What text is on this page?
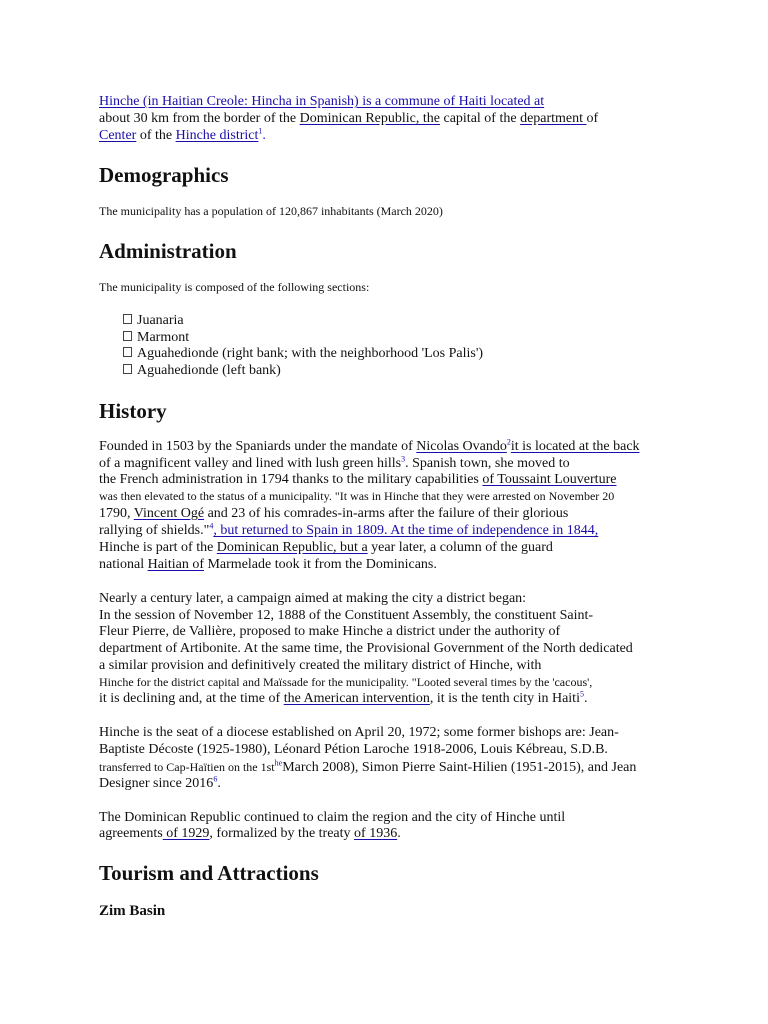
Hinche (in Haitian Creole: Hincha in Spanish) is a commune of Haiti located at
about 30 km from the border of the Dominican Republic, the capital of the department of
Center of the Hinche district$^1$.
Demographics
The municipality has a population of 120,867 inhabitants (March 2020)
Administration
The municipality is composed of the following sections:
Juanaria
Marmont
Aguahedionde (right bank; with the neighborhood 'Los Palis')
Aguahedionde (left bank)
History
Founded in 1503 by the Spaniards under the mandate of Nicolas Ovando$^2$it is located at the back
of a magnificent valley and lined with lush green hills$^3$. Spanish town, she moved to
the French administration in 1794 thanks to the military capabilities of Toussaint Louverture
was then elevated to the status of a municipality. "It was in Hinche that they were arrested on November 20
1790, Vincent Ogé and 23 of his comrades-in-arms after the failure of their glorious
rallying of shields."$^4$, but returned to Spain in 1809. At the time of independence in 1844,
Hinche is part of the Dominican Republic, but a year later, a column of the guard
national Haitian of Marmelade took it from the Dominicans.
Nearly a century later, a campaign aimed at making the city a district began:
In the session of November 12, 1888 of the Constituent Assembly, the constituent Saint-
Fleur Pierre, de Vallière, proposed to make Hinche a district under the authority of
department of Artibonite. At the same time, the Provisional Government of the North dedicated
a similar provision and definitively created the military district of Hinche, with
Hinche for the district capital and Maïssade for the municipality. "Looted several times by the 'cacous',
it is declining and, at the time of the American intervention, it is the tenth city in Haiti$^5$.
Hinche is the seat of a diocese established on April 20, 1972; some former bishops are: Jean-
Baptiste Décoste (1925-1980), Léonard Pétion Laroche 1918-2006, Louis Kébreau, S.D.B.
transferred to Cap-Haïtien on the $1st^{he}March$ 2008), Simon Pierre Saint-Hilien (1951-2015), and Jean
Designer since 2016$^6$.
The Dominican Republic continued to claim the region and the city of Hinche until
agreements of 1929, formalized by the treaty of 1936.
Tourism and Attractions
Zim Basin
